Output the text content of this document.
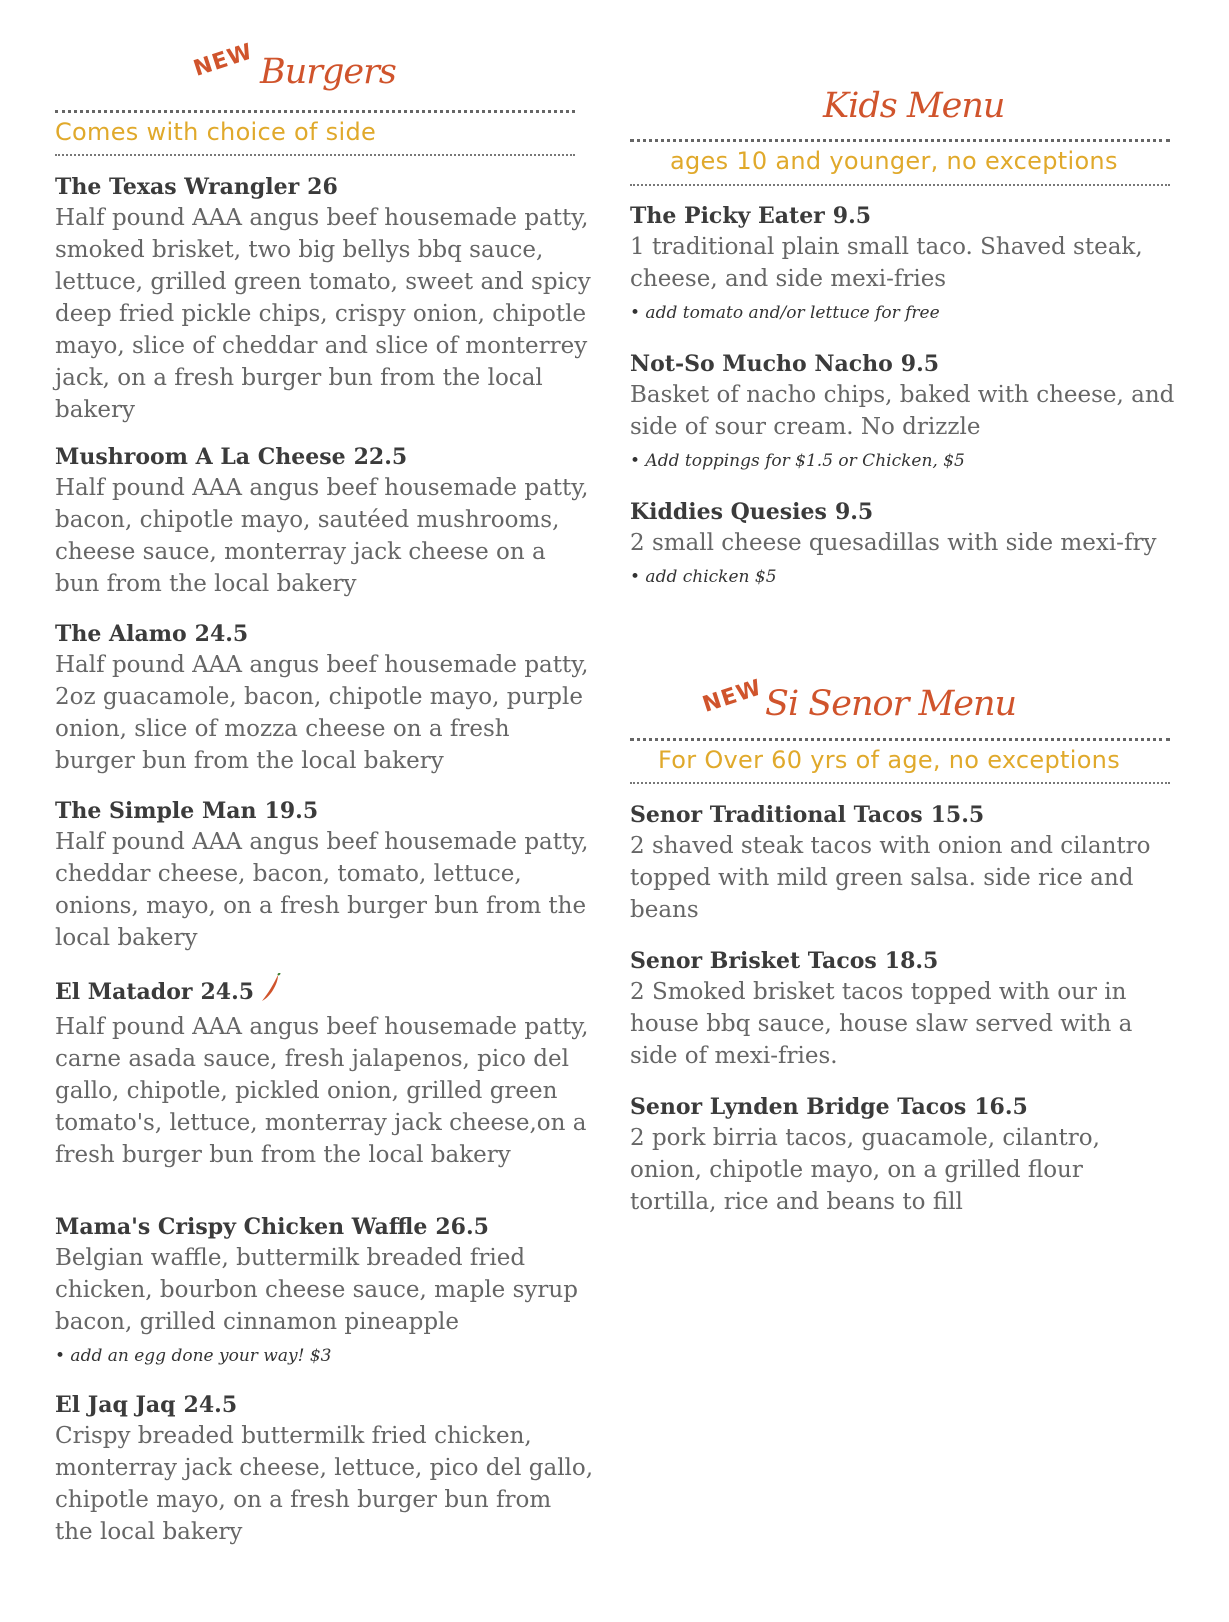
NEW Burgers
Comes with choice of side
The Texas Wrangler 26

Half pound AAA angus beef housemade patty, smoked brisket, two big bellys bbq sauce, lettuce, grilled green tomato, sweet and spicy deep fried pickle chips, crispy onion, chipotle mayo, slice of cheddar and slice of monterrey jack, on a fresh burger bun from the local bakery

Mushroom A La Cheese 22.5

Half pound AAA angus beef housemade patty, bacon, chipotle mayo, sautéed mushrooms, cheese sauce, monterray jack cheese on a bun from the local bakery

The Alamo 24.5

Half pound AAA angus beef housemade patty, 2oz guacamole, bacon, chipotle mayo, purple onion, slice of mozza cheese on a fresh burger bun from the local bakery

The Simple Man 19.5

Half pound AAA angus beef housemade patty, cheddar cheese, bacon, tomato, lettuce, onions, mayo, on a fresh burger bun from the local bakery

El Matador 24.5

Half pound AAA angus beef housemade patty, carne asada sauce, fresh jalapenos, pico del gallo, chipotle, pickled onion, grilled green tomato's, lettuce, monterray jack cheese,on a fresh burger bun from the local bakery

Mama's Crispy Chicken Waffle 26.5

Belgian waffle, buttermilk breaded fried chicken, bourbon cheese sauce, maple syrup bacon, grilled cinnamon pineapple

• add an egg done your way! $3
El Jaq Jaq 24.5

Crispy breaded buttermilk fried chicken, monterray jack cheese, lettuce, pico del gallo, chipotle mayo, on a fresh burger bun from the local bakery

Kids Menu
ages 10 and younger, no exceptions
The Picky Eater 9.5

1 traditional plain small taco. Shaved steak, cheese, and side mexi-fries

• add tomato and/or lettuce for free
Not-So Mucho Nacho 9.5

Basket of nacho chips, baked with cheese, and side of sour cream. No drizzle

• Add toppings for $1.5 or Chicken, $5
Kiddies Quesies 9.5

2 small cheese quesadillas with side mexi-fry

• add chicken $5
NEW Si Senor Menu
For Over 60 yrs of age, no exceptions
Senor Traditional Tacos 15.5

2 shaved steak tacos with onion and cilantro topped with mild green salsa. side rice and beans

Senor Brisket Tacos 18.5

2 Smoked brisket tacos topped with our in house bbq sauce, house slaw served with a side of mexi-fries.

Senor Lynden Bridge Tacos 16.5

2 pork birria tacos, guacamole, cilantro, onion, chipotle mayo, on a grilled flour tortilla, rice and beans to fill
